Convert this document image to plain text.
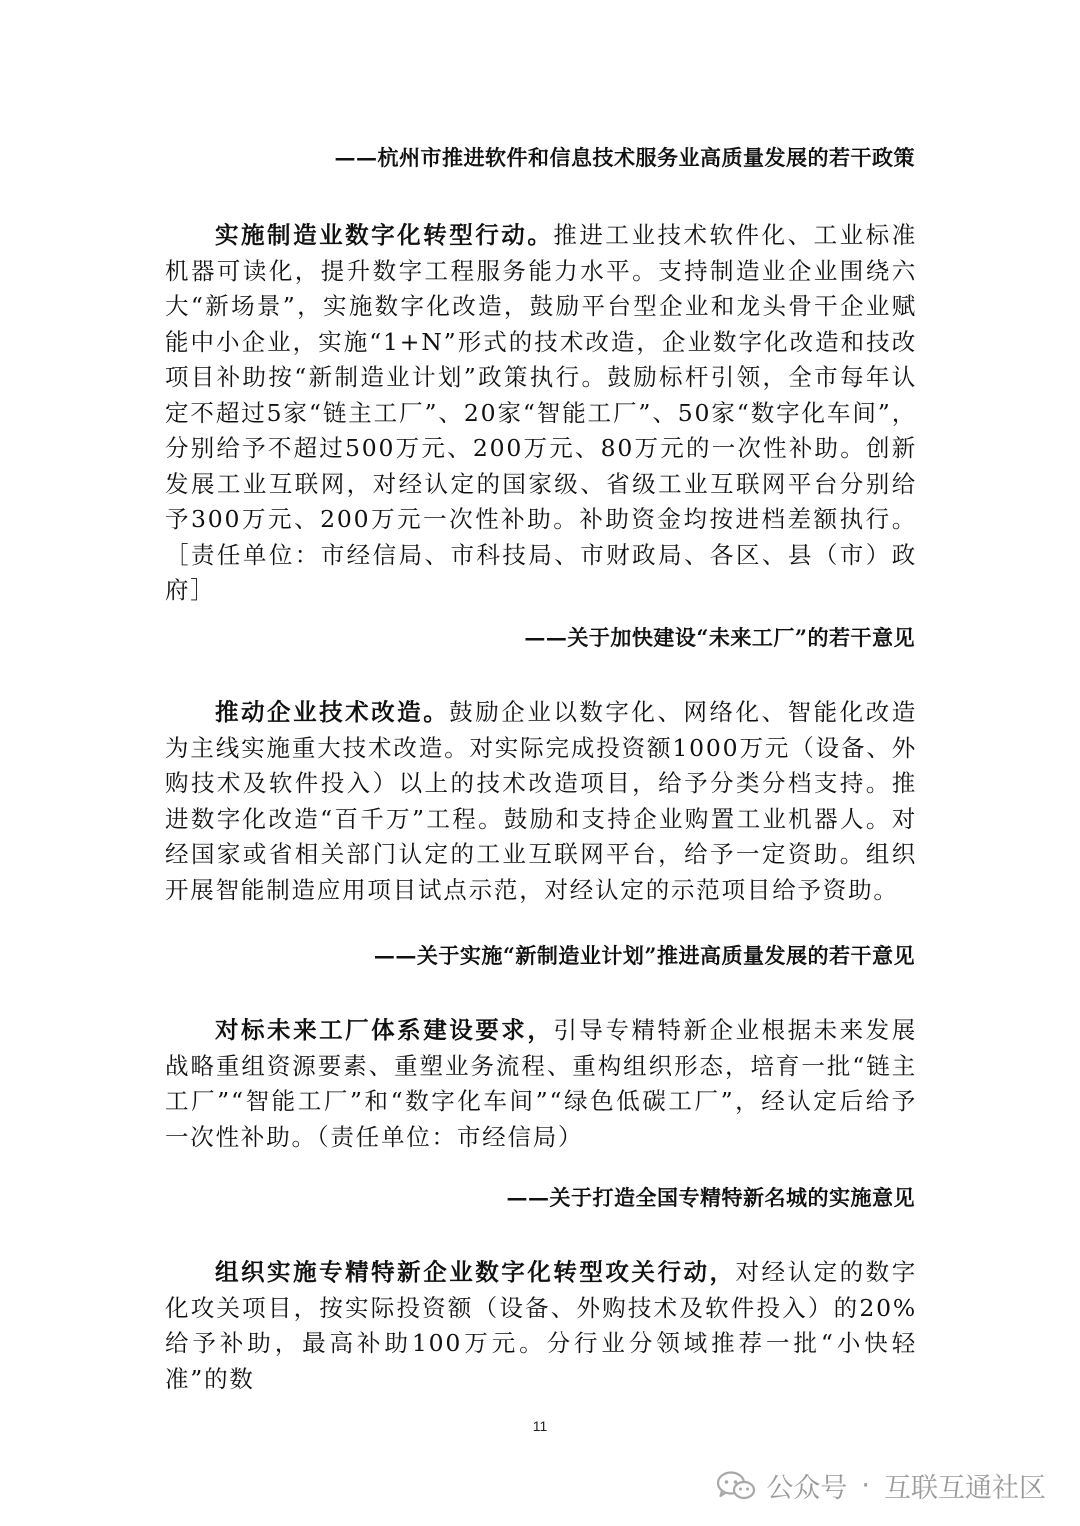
——杭州市推进软件和信息技术服务业高质量发展的若干政策

实施制造业数字化转型行动。推进工业技术软件化、工业标准机器可读化，提升数字工程服务能力水平。支持制造业企业围绕六大“新场景”，实施数字化改造，鼓励平台型企业和龙头骨干企业赋能中小企业，实施“1+N”形式的技术改造，企业数字化改造和技改项目补助按“新制造业计划”政策执行。鼓励标杆引领，全市每年认定不超过5家“链主工厂”、20家“智能工厂”、50家“数字化车间”，分别给予不超过500万元、200万元、80万元的一次性补助。创新发展工业互联网，对经认定的国家级、省级工业互联网平台分别给予300万元、200万元一次性补助。补助资金均按进档差额执行。［责任单位：市经信局、市科技局、市财政局、各区、县（市）政府］

——关于加快建设“未来工厂”的若干意见

推动企业技术改造。鼓励企业以数字化、网络化、智能化改造为主线实施重大技术改造。对实际完成投资额1000万元（设备、外购技术及软件投入）以上的技术改造项目，给予分类分档支持。推进数字化改造“百千万”工程。鼓励和支持企业购置工业机器人。对经国家或省相关部门认定的工业互联网平台，给予一定资助。组织开展智能制造应用项目试点示范，对经认定的示范项目给予资助。

——关于实施“新制造业计划”推进高质量发展的若干意见

对标未来工厂体系建设要求，引导专精特新企业根据未来发展战略重组资源要素、重塑业务流程、重构组织形态，培育一批“链主工厂”“智能工厂”和“数字化车间”“绿色低碳工厂”，经认定后给予一次性补助。（责任单位：市经信局）

——关于打造全国专精特新名城的实施意见

组织实施专精特新企业数字化转型攻关行动，对经认定的数字化攻关项目，按实际投资额（设备、外购技术及软件投入）的20%给予补助，最高补助100万元。分行业分领域推荐一批“小快轻准”的数

11
公众号 · 互联互通社区
